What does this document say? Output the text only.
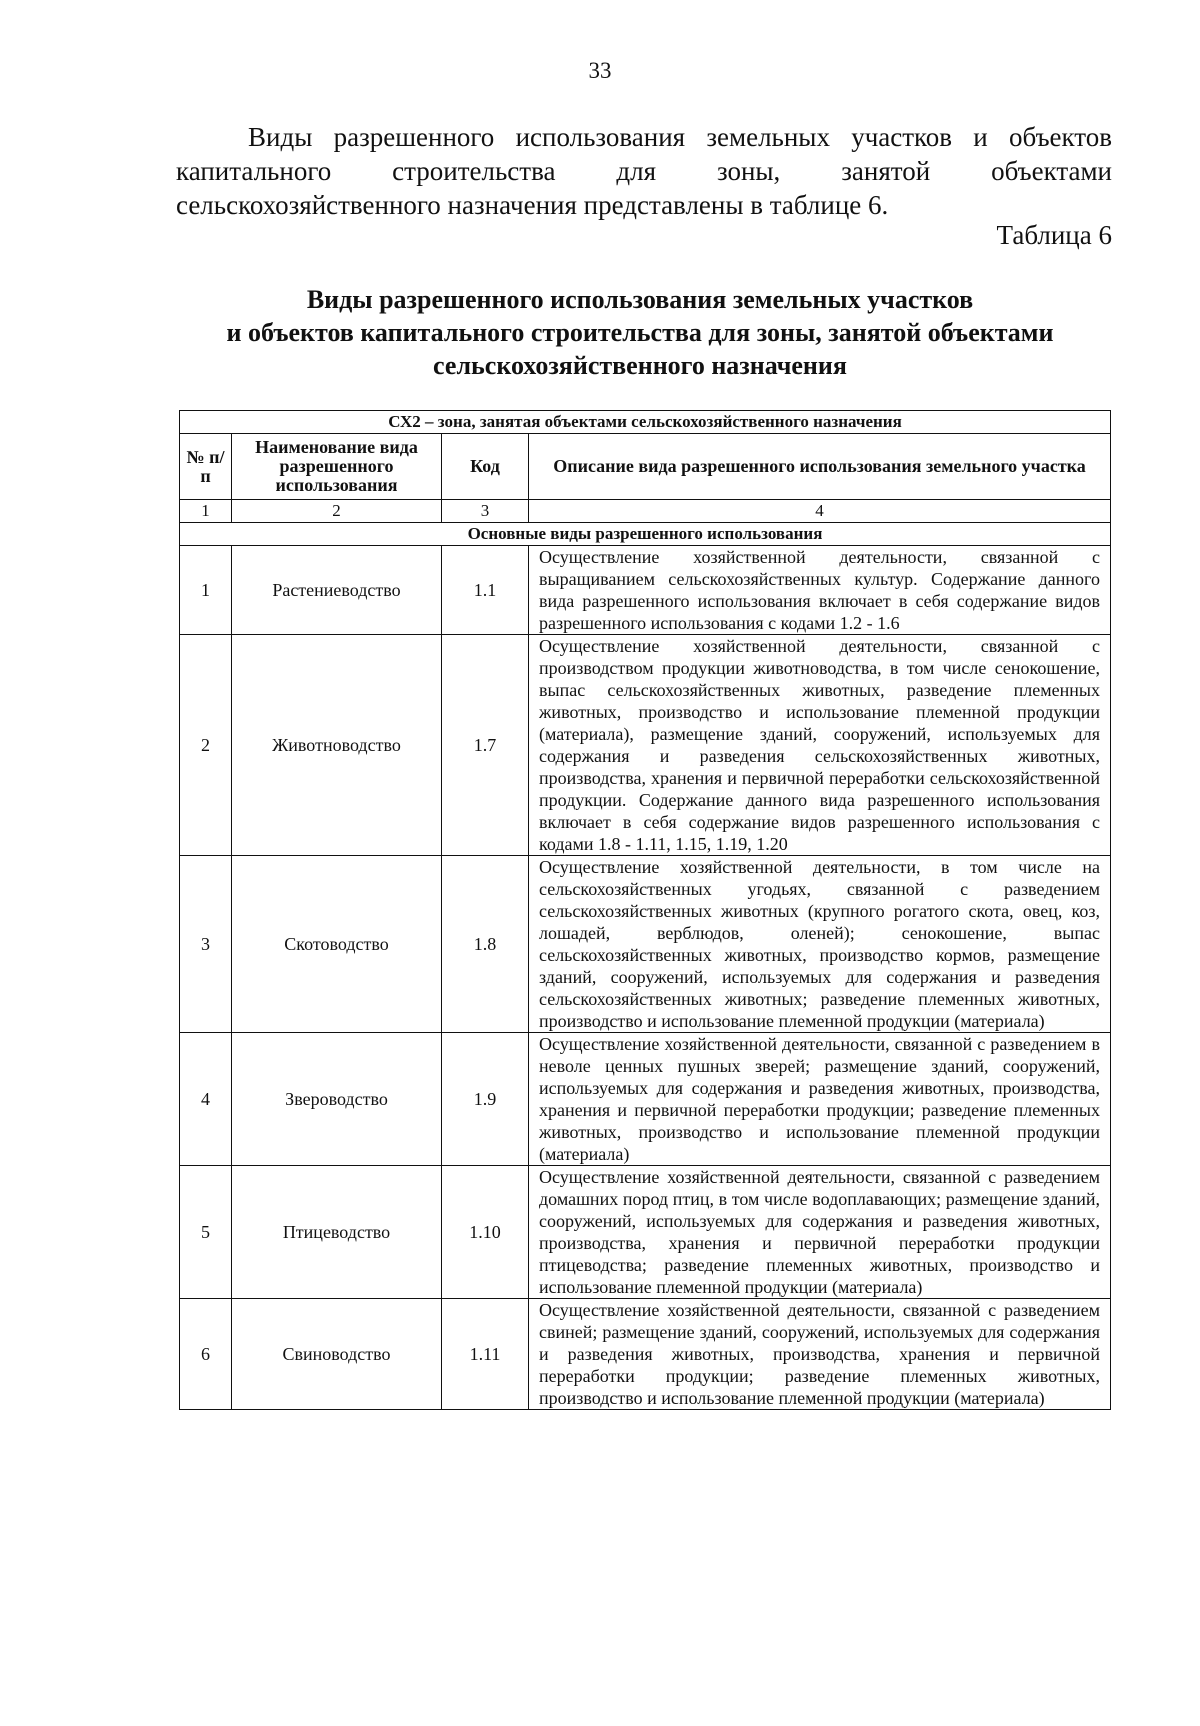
33
Виды разрешенного использования земельных участков и объектов капитального строительства для зоны, занятой объектами сельскохозяйственного назначения представлены в таблице 6.
Таблица 6
Виды разрешенного использования земельных участков
и объектов капитального строительства для зоны, занятой объектами
сельскохозяйственного назначения
СХ2 – зона, занятая объектами сельскохозяйственного назначения			
№ п/п	Наименование вида разрешенного использования	Код	Описание вида разрешенного использования земельного участка
1	2	3	4
Основные виды разрешенного использования			
1	Растениеводство	1.1	Осуществление хозяйственной деятельности, связанной с выращиванием сельскохозяйственных культур. Содержание данного вида разрешенного использования включает в себя содержание видов разрешенного использования с кодами 1.2 - 1.6
2	Животноводство	1.7	Осуществление хозяйственной деятельности, связанной с производством продукции животноводства, в том числе сенокошение, выпас сельскохозяйственных животных, разведение племенных животных, производство и использование племенной продукции (материала), размещение зданий, сооружений, используемых для содержания и разведения сельскохозяйственных животных, производства, хранения и первичной переработки сельскохозяйственной продукции. Содержание данного вида разрешенного использования включает в себя содержание видов разрешенного использования с кодами 1.8 - 1.11, 1.15, 1.19, 1.20
3	Скотоводство	1.8	Осуществление хозяйственной деятельности, в том числе на сельскохозяйственных угодьях, связанной с разведением сельскохозяйственных животных (крупного рогатого скота, овец, коз, лошадей, верблюдов, оленей); сенокошение, выпас сельскохозяйственных животных, производство кормов, размещение зданий, сооружений, используемых для содержания и разведения сельскохозяйственных животных; разведение племенных животных, производство и использование племенной продукции (материала)
4	Звероводство	1.9	Осуществление хозяйственной деятельности, связанной с разведением в неволе ценных пушных зверей; размещение зданий, сооружений, используемых для содержания и разведения животных, производства, хранения и первичной переработки продукции; разведение племенных животных, производство и использование племенной продукции (материала)
5	Птицеводство	1.10	Осуществление хозяйственной деятельности, связанной с разведением домашних пород птиц, в том числе водоплавающих; размещение зданий, сооружений, используемых для содержания и разведения животных, производства, хранения и первичной переработки продукции птицеводства; разведение племенных животных, производство и использование племенной продукции (материала)
6	Свиноводство	1.11	Осуществление хозяйственной деятельности, связанной с разведением свиней; размещение зданий, сооружений, используемых для содержания и разведения животных, производства, хранения и первичной переработки продукции; разведение племенных животных, производство и использование племенной продукции (материала)
